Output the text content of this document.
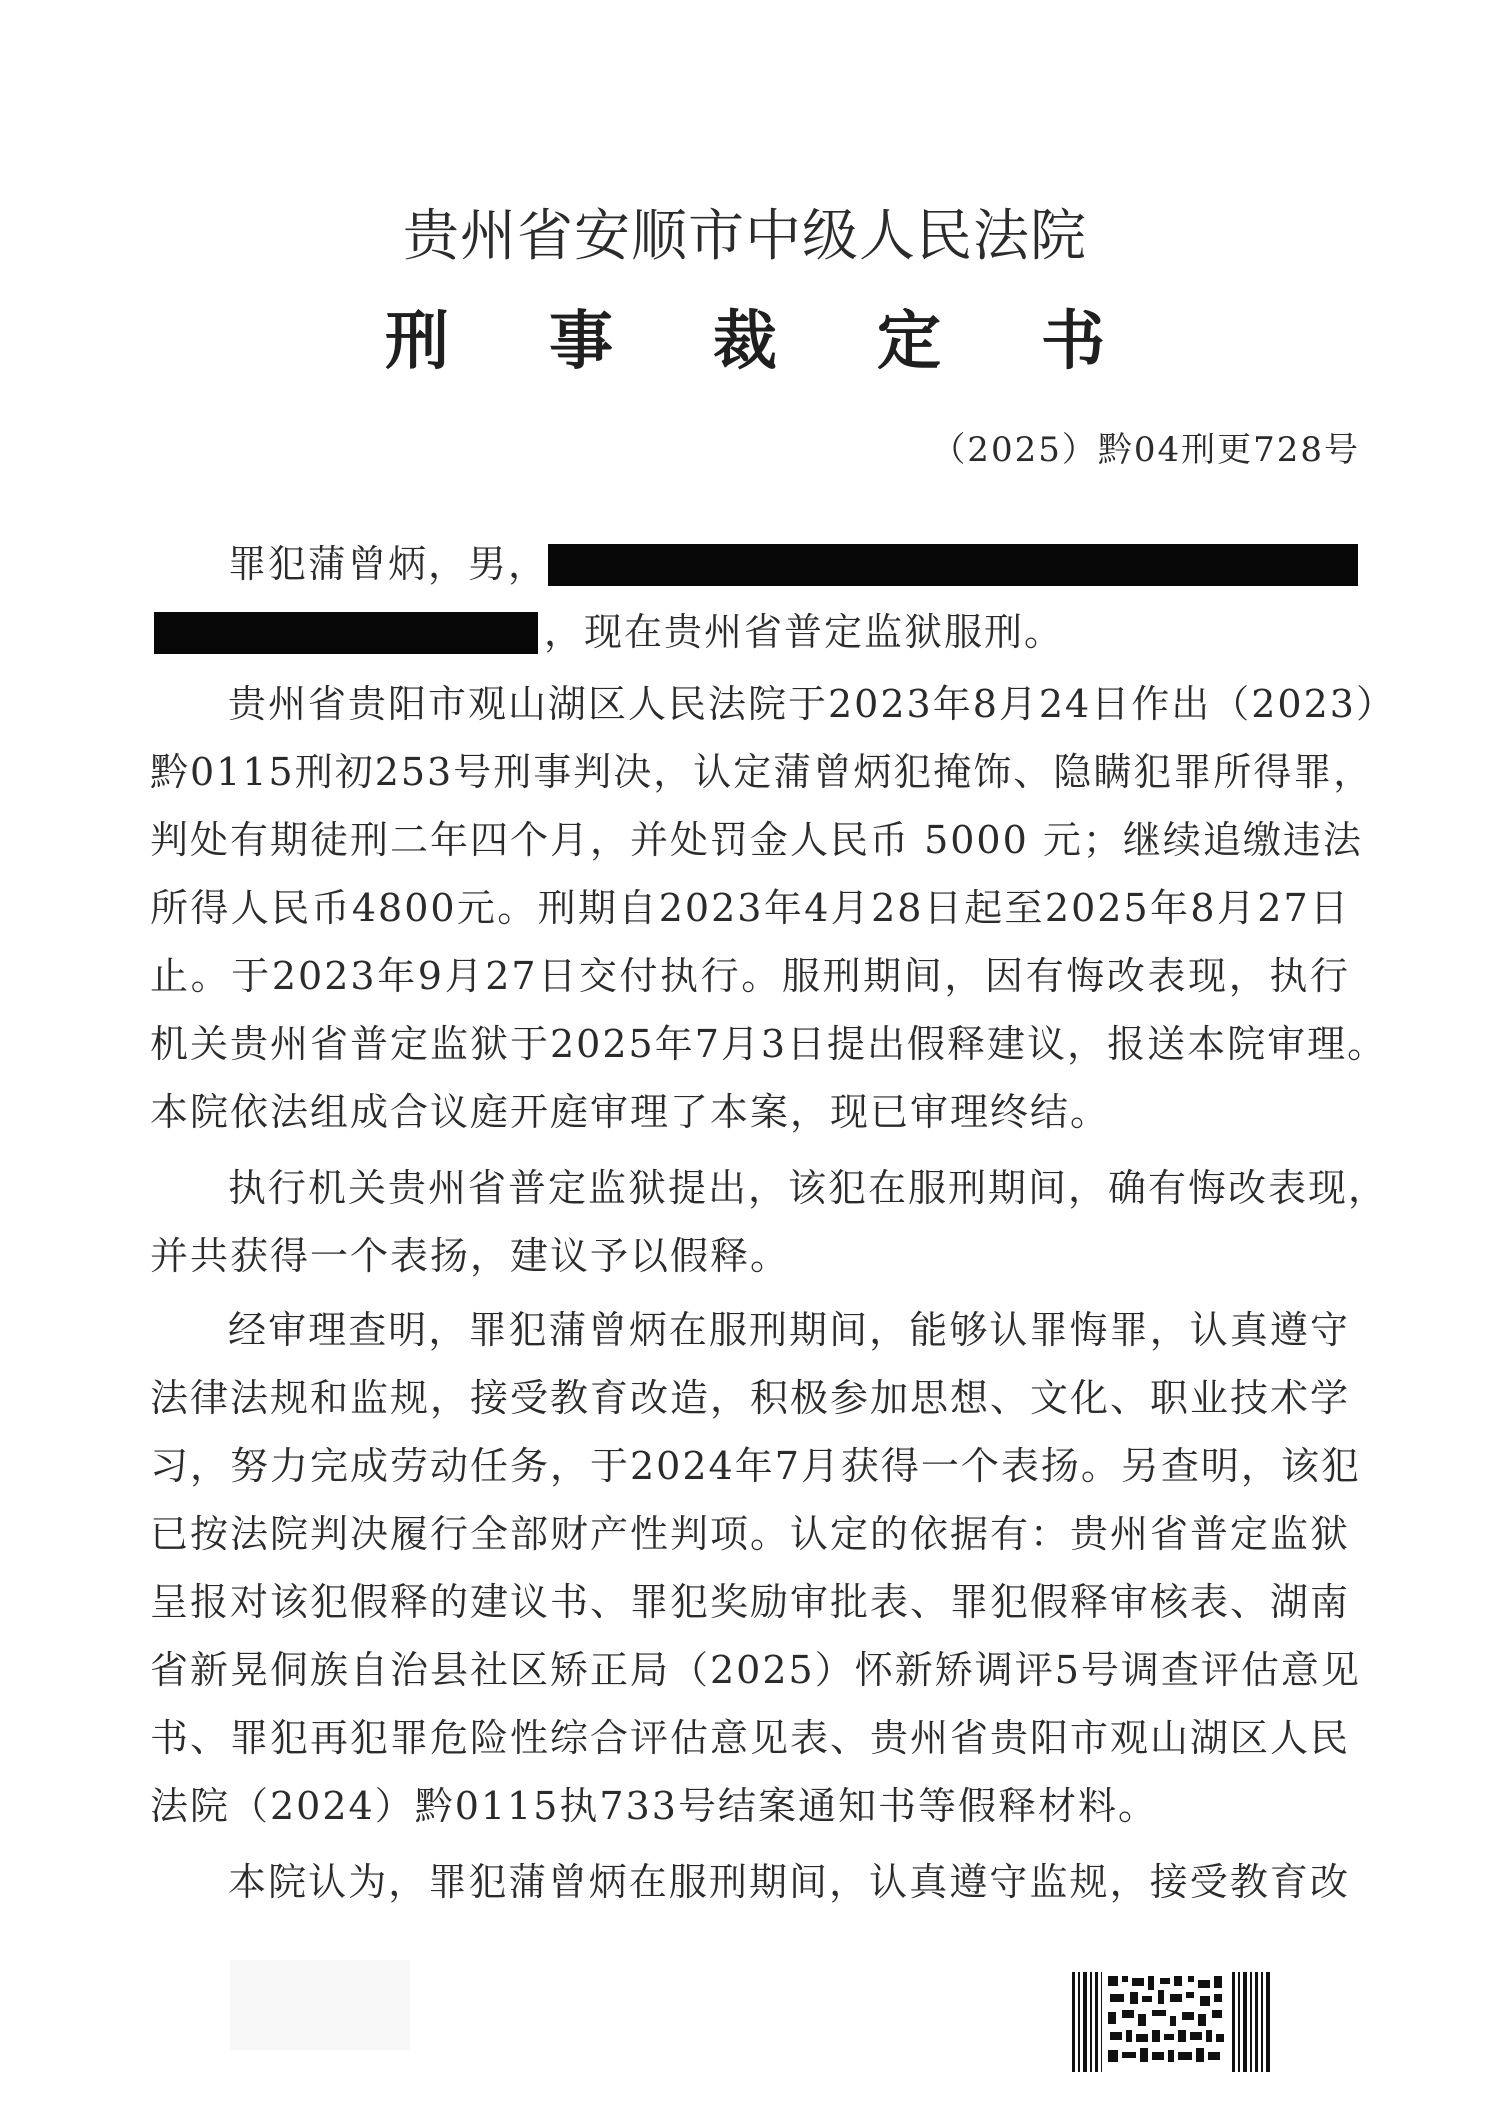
贵州省安顺市中级人民法院
刑事裁定书
（2025）黔04刑更728号
罪犯蒲曾炳，男，
，现在贵州省普定监狱服刑。
贵州省贵阳市观山湖区人民法院于2023年8月24日作出（2023）
黔0115刑初253号刑事判决，认定蒲曾炳犯掩饰、隐瞒犯罪所得罪，
判处有期徒刑二年四个月，并处罚金人民币 5000 元；继续追缴违法
所得人民币4800元。刑期自2023年4月28日起至2025年8月27日
止。于2023年9月27日交付执行。服刑期间，因有悔改表现，执行
机关贵州省普定监狱于2025年7月3日提出假释建议，报送本院审理。
本院依法组成合议庭开庭审理了本案，现已审理终结。
执行机关贵州省普定监狱提出，该犯在服刑期间，确有悔改表现，
并共获得一个表扬，建议予以假释。
经审理查明，罪犯蒲曾炳在服刑期间，能够认罪悔罪，认真遵守
法律法规和监规，接受教育改造，积极参加思想、文化、职业技术学
习，努力完成劳动任务，于2024年7月获得一个表扬。另查明，该犯
已按法院判决履行全部财产性判项。认定的依据有：贵州省普定监狱
呈报对该犯假释的建议书、罪犯奖励审批表、罪犯假释审核表、湖南
省新晃侗族自治县社区矫正局（2025）怀新矫调评5号调查评估意见
书、罪犯再犯罪危险性综合评估意见表、贵州省贵阳市观山湖区人民
法院（2024）黔0115执733号结案通知书等假释材料。
本院认为，罪犯蒲曾炳在服刑期间，认真遵守监规，接受教育改
